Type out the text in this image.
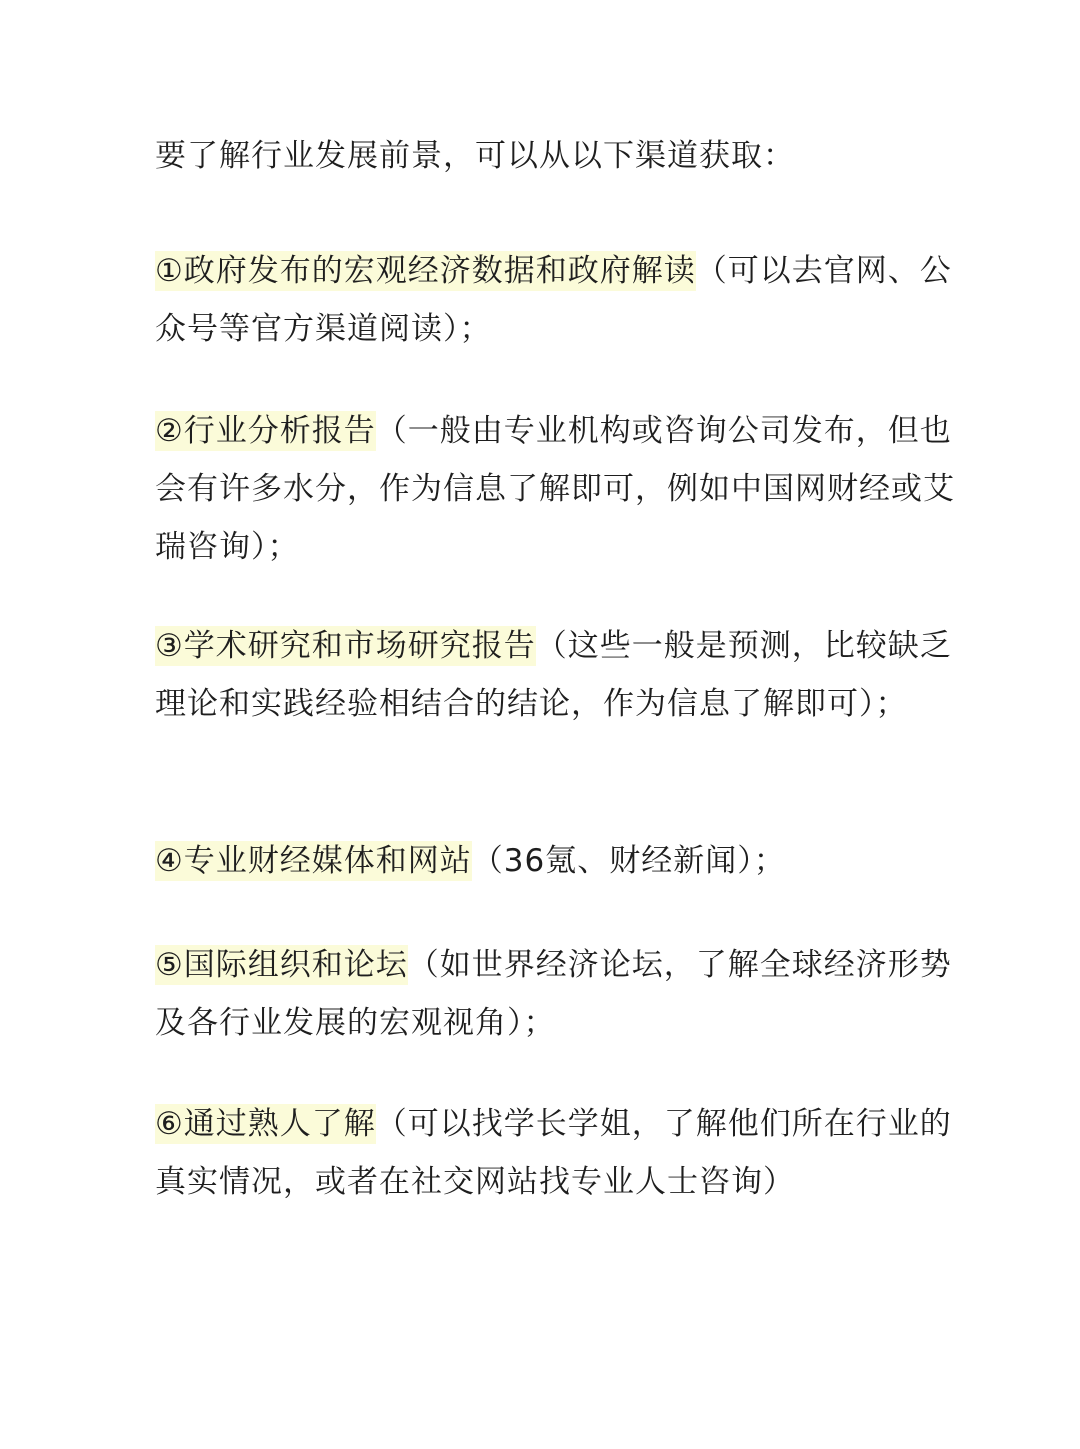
要了解行业发展前景，可以从以下渠道获取：
①政府发布的宏观经济数据和政府解读（可以去官网、公众号等官方渠道阅读）；
②行业分析报告（一般由专业机构或咨询公司发布，但也会有许多水分，作为信息了解即可，例如中国网财经或艾瑞咨询）；
③学术研究和市场研究报告（这些一般是预测，比较缺乏理论和实践经验相结合的结论，作为信息了解即可）；
④专业财经媒体和网站（36氪、财经新闻）；
⑤国际组织和论坛（如世界经济论坛，了解全球经济形势及各行业发展的宏观视角）；
⑥通过熟人了解（可以找学长学姐，了解他们所在行业的真实情况，或者在社交网站找专业人士咨询）
